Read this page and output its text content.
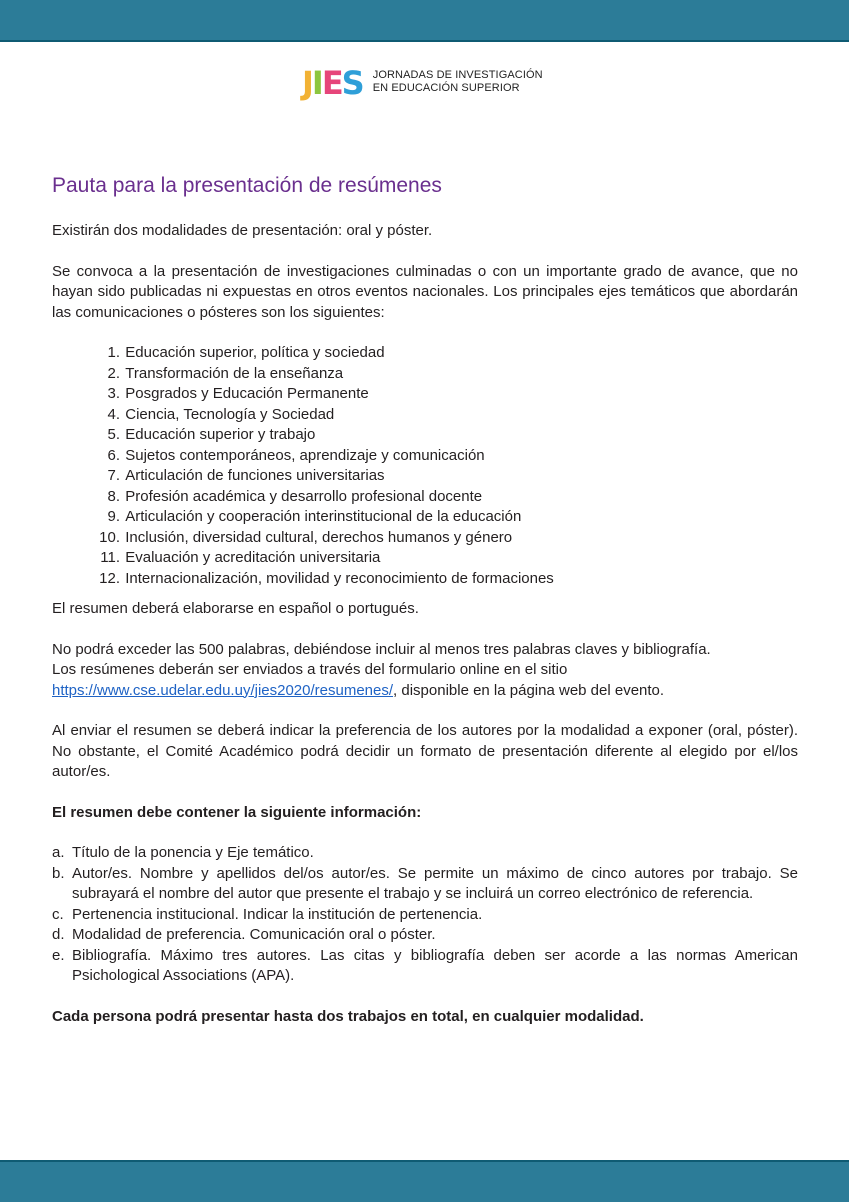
J I E S JORNADAS DE INVESTIGACIÓN
EN EDUCACIÓN SUPERIOR
Pauta para la presentación de resúmenes

Existirán dos modalidades de presentación: oral y póster.

Se convoca a la presentación de investigaciones culminadas o con un importante grado de avance, que no hayan sido publicadas ni expuestas en otros eventos nacionales. Los principales ejes temáticos que abordarán las comunicaciones o pósteres son los siguientes:

1. Educación superior, política y sociedad
2. Transformación de la enseñanza
3. Posgrados y Educación Permanente
4. Ciencia, Tecnología y Sociedad
5. Educación superior y trabajo
6. Sujetos contemporáneos, aprendizaje y comunicación
7. Articulación de funciones universitarias
8. Profesión académica y desarrollo profesional docente
9. Articulación y cooperación interinstitucional de la educación
10. Inclusión, diversidad cultural, derechos humanos y género
11. Evaluación y acreditación universitaria
12. Internacionalización, movilidad y reconocimiento de formaciones

El resumen deberá elaborarse en español o portugués.

No podrá exceder las 500 palabras, debiéndose incluir al menos tres palabras claves y bibliografía.
Los resúmenes deberán ser enviados a través del formulario online en el sitio
https://www.cse.udelar.edu.uy/jies2020/resumenes/, disponible en la página web del evento.

Al enviar el resumen se deberá indicar la preferencia de los autores por la modalidad a exponer (oral, póster). No obstante, el Comité Académico podrá decidir un formato de presentación diferente al elegido por el/los autor/es.

El resumen debe contener la siguiente información:

a. Título de la ponencia y Eje temático.
b. Autor/es. Nombre y apellidos del/os autor/es. Se permite un máximo de cinco autores por trabajo. Se subrayará el nombre del autor que presente el trabajo y se incluirá un correo electrónico de referencia.
c. Pertenencia institucional. Indicar la institución de pertenencia.
d. Modalidad de preferencia. Comunicación oral o póster.
e. Bibliografía. Máximo tres autores. Las citas y bibliografía deben ser acorde a las normas American Psichological Associations (APA).

Cada persona podrá presentar hasta dos trabajos en total, en cualquier modalidad.
